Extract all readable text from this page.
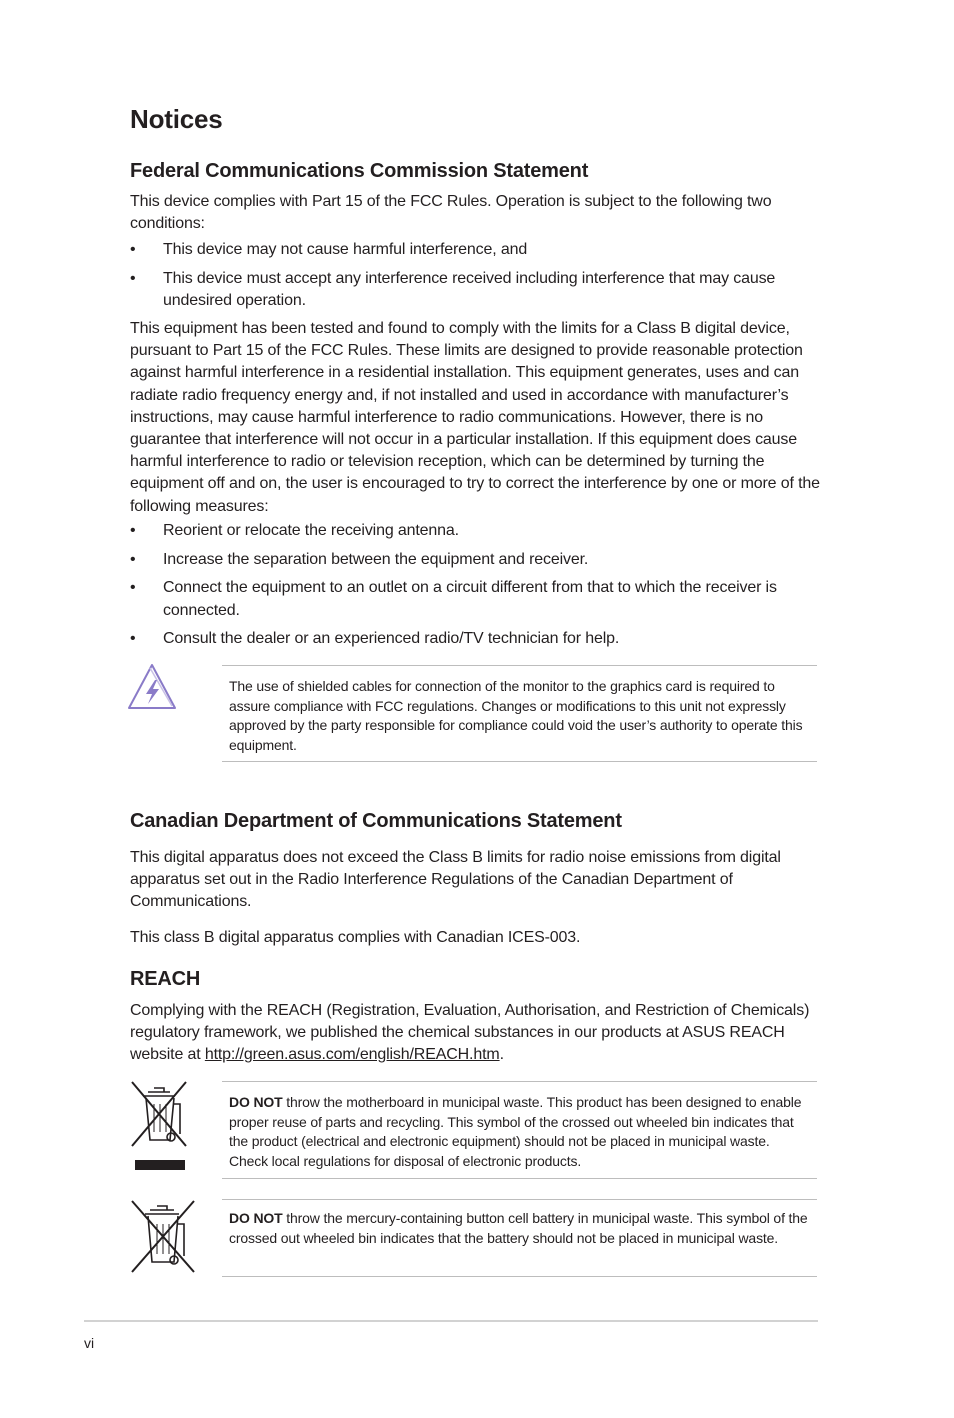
Notices
Federal Communications Commission Statement

This device complies with Part 15 of the FCC Rules. Operation is subject to the following two conditions:

• This device may not cause harmful interference, and
• This device must accept any interference received including interference that may cause undesired operation.

This equipment has been tested and found to comply with the limits for a Class B digital device, pursuant to Part 15 of the FCC Rules. These limits are designed to provide reasonable protection against harmful interference in a residential installation. This equipment generates, uses and can radiate radio frequency energy and, if not installed and used in accordance with manufacturer’s instructions, may cause harmful interference to radio communications. However, there is no guarantee that interference will not occur in a particular installation. If this equipment does cause harmful interference to radio or television reception, which can be determined by turning the equipment off and on, the user is encouraged to try to correct the interference by one or more of the following measures:

• Reorient or relocate the receiving antenna.
• Increase the separation between the equipment and receiver.
• Connect the equipment to an outlet on a circuit different from that to which the receiver is connected.
• Consult the dealer or an experienced radio/TV technician for help.

The use of shielded cables for connection of the monitor to the graphics card is required to assure compliance with FCC regulations. Changes or modifications to this unit not expressly approved by the party responsible for compliance could void the user’s authority to operate this equipment.

Canadian Department of Communications Statement

This digital apparatus does not exceed the Class B limits for radio noise emissions from digital apparatus set out in the Radio Interference Regulations of the Canadian Department of Communications.

This class B digital apparatus complies with Canadian ICES-003.

REACH

Complying with the REACH (Registration, Evaluation, Authorisation, and Restriction of Chemicals) regulatory framework, we published the chemical substances in our products at ASUS REACH website at http://green.asus.com/english/REACH.htm.

DO NOT throw the motherboard in municipal waste. This product has been designed to enable proper reuse of parts and recycling. This symbol of the crossed out wheeled bin indicates that the product (electrical and electronic equipment) should not be placed in municipal waste. Check local regulations for disposal of electronic products.

DO NOT throw the mercury-containing button cell battery in municipal waste. This symbol of the crossed out wheeled bin indicates that the battery should not be placed in municipal waste.

vi
